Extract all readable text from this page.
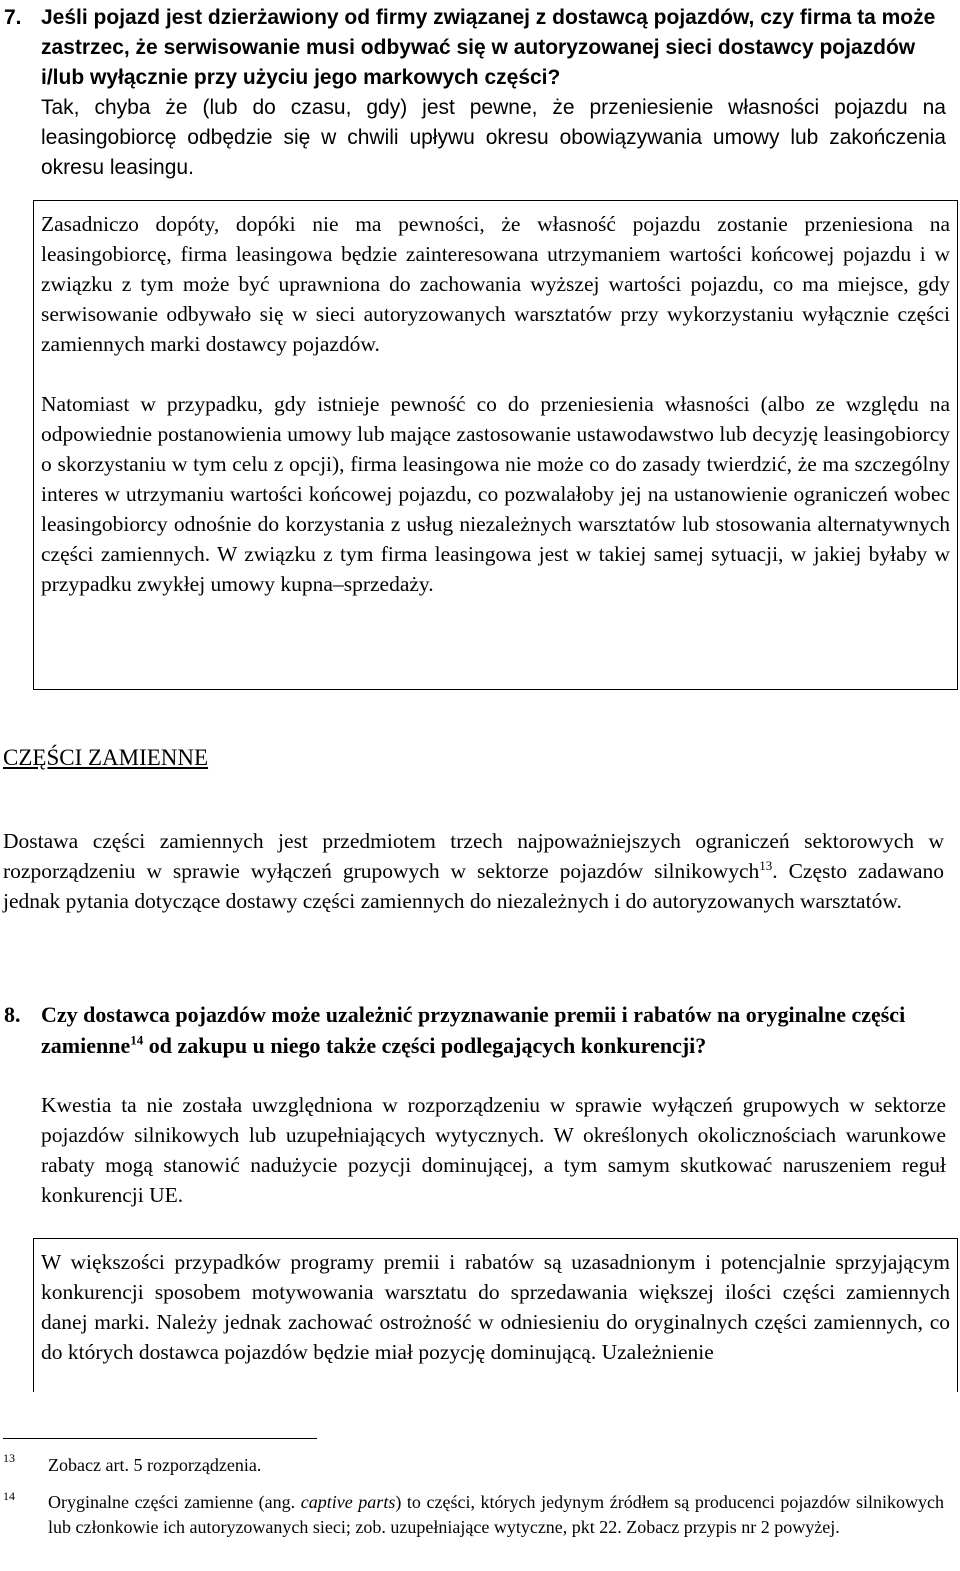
7. Jeśli pojazd jest dzierżawiony od firmy związanej z dostawcą pojazdów, czy firma ta może zastrzec, że serwisowanie musi odbywać się w autoryzowanej sieci dostawcy pojazdów i/lub wyłącznie przy użyciu jego markowych części?
Tak, chyba że (lub do czasu, gdy) jest pewne, że przeniesienie własności pojazdu na leasingobiorcę odbędzie się w chwili upływu okresu obowiązywania umowy lub zakończenia okresu leasingu.

Zasadniczo dopóty, dopóki nie ma pewności, że własność pojazdu zostanie przeniesiona na leasingobiorcę, firma leasingowa będzie zainteresowana utrzymaniem wartości końcowej pojazdu i w związku z tym może być uprawniona do zachowania wyższej wartości pojazdu, co ma miejsce, gdy serwisowanie odbywało się w sieci autoryzowanych warsztatów przy wykorzystaniu wyłącznie części zamiennych marki dostawcy pojazdów.

Natomiast w przypadku, gdy istnieje pewność co do przeniesienia własności (albo ze względu na odpowiednie postanowienia umowy lub mające zastosowanie ustawodawstwo lub decyzję leasingobiorcy o skorzystaniu w tym celu z opcji), firma leasingowa nie może co do zasady twierdzić, że ma szczególny interes w utrzymaniu wartości końcowej pojazdu, co pozwalałoby jej na ustanowienie ograniczeń wobec leasingobiorcy odnośnie do korzystania z usług niezależnych warsztatów lub stosowania alternatywnych części zamiennych. W związku z tym firma leasingowa jest w takiej samej sytuacji, w jakiej byłaby w przypadku zwykłej umowy kupna–sprzedaży.

CZĘŚCI ZAMIENNE
Dostawa części zamiennych jest przedmiotem trzech najpoważniejszych ograniczeń sektorowych w rozporządzeniu w sprawie wyłączeń grupowych w sektorze pojazdów silnikowych$^{13}$. Często zadawano jednak pytania dotyczące dostawy części zamiennych do niezależnych i do autoryzowanych warsztatów.
8. Czy dostawca pojazdów może uzależnić przyznawanie premii i rabatów na oryginalne części zamienne$^{14}$ od zakupu u niego także części podlegających konkurencji?
Kwestia ta nie została uwzględniona w rozporządzeniu w sprawie wyłączeń grupowych w sektorze pojazdów silnikowych lub uzupełniających wytycznych. W określonych okolicznościach warunkowe rabaty mogą stanowić nadużycie pozycji dominującej, a tym samym skutkować naruszeniem reguł konkurencji UE.

W większości przypadków programy premii i rabatów są uzasadnionym i potencjalnie sprzyjającym konkurencji sposobem motywowania warsztatu do sprzedawania większej ilości części zamiennych danej marki. Należy jednak zachować ostrożność w odniesieniu do oryginalnych części zamiennych, co do których dostawca pojazdów będzie miał pozycję dominującą. Uzależnienie

13 Zobacz art. 5 rozporządzenia.
14 Oryginalne części zamienne (ang. captive parts) to części, których jedynym źródłem są producenci pojazdów silnikowych lub członkowie ich autoryzowanych sieci; zob. uzupełniające wytyczne, pkt 22. Zobacz przypis nr 2 powyżej.
